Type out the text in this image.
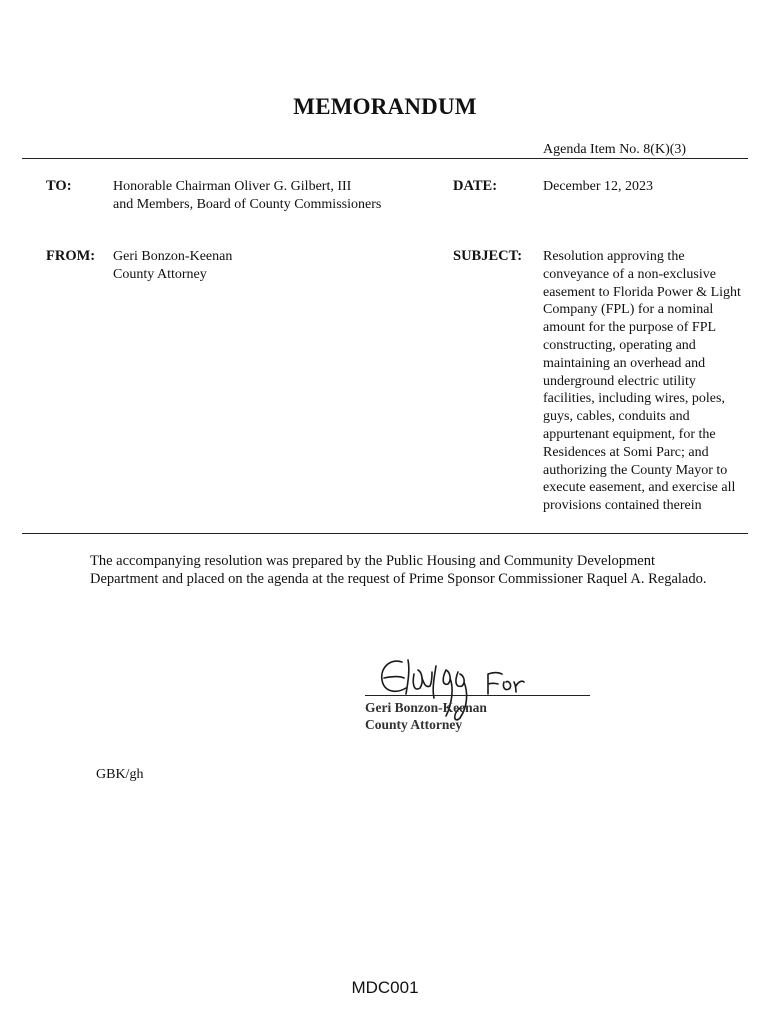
MEMORANDUM
Agenda Item No. 8(K)(3)
TO:	Honorable Chairman Oliver G. Gilbert, III
and Members, Board of County Commissioners
DATE:	December 12, 2023
FROM: Geri Bonzon-Keenan
County Attorney
SUBJECT: Resolution approving the conveyance of a non-exclusive easement to Florida Power & Light Company (FPL) for a nominal amount for the purpose of FPL constructing, operating and maintaining an overhead and underground electric utility facilities, including wires, poles, guys, cables, conduits and appurtenant equipment, for the Residences at Somi Parc; and authorizing the County Mayor to execute easement, and exercise all provisions contained therein
The accompanying resolution was prepared by the Public Housing and Community Development Department and placed on the agenda at the request of Prime Sponsor Commissioner Raquel A. Regalado.
For
Geri Bonzon-Keenan
County Attorney
GBK/gh
MDC001
